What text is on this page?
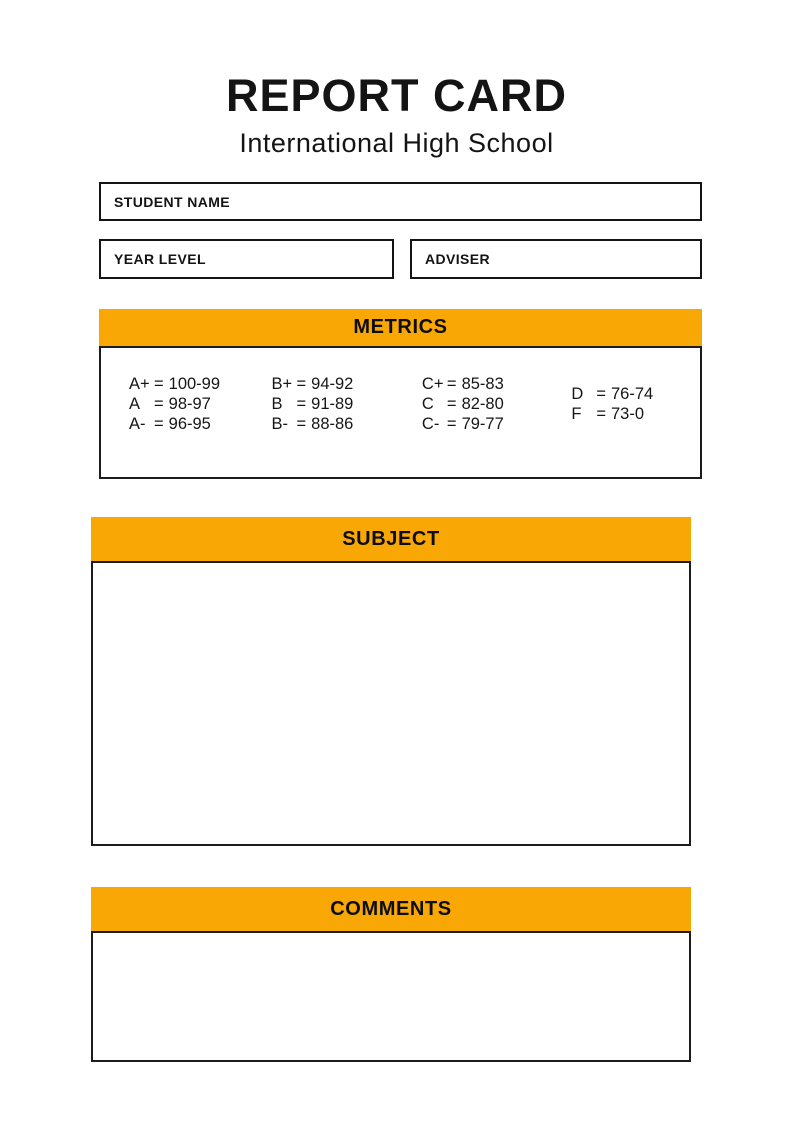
REPORT CARD
International High School
STUDENT NAME
YEAR LEVEL	ADVISER
METRICS
A+ = 100-99
A = 98-97
A- = 96-95
B+ = 94-92
B = 91-89
B- = 88-86
C+ = 85-83
C = 82-80
C- = 79-77
D = 76-74
F = 73-0
SUBJECT
COMMENTS
